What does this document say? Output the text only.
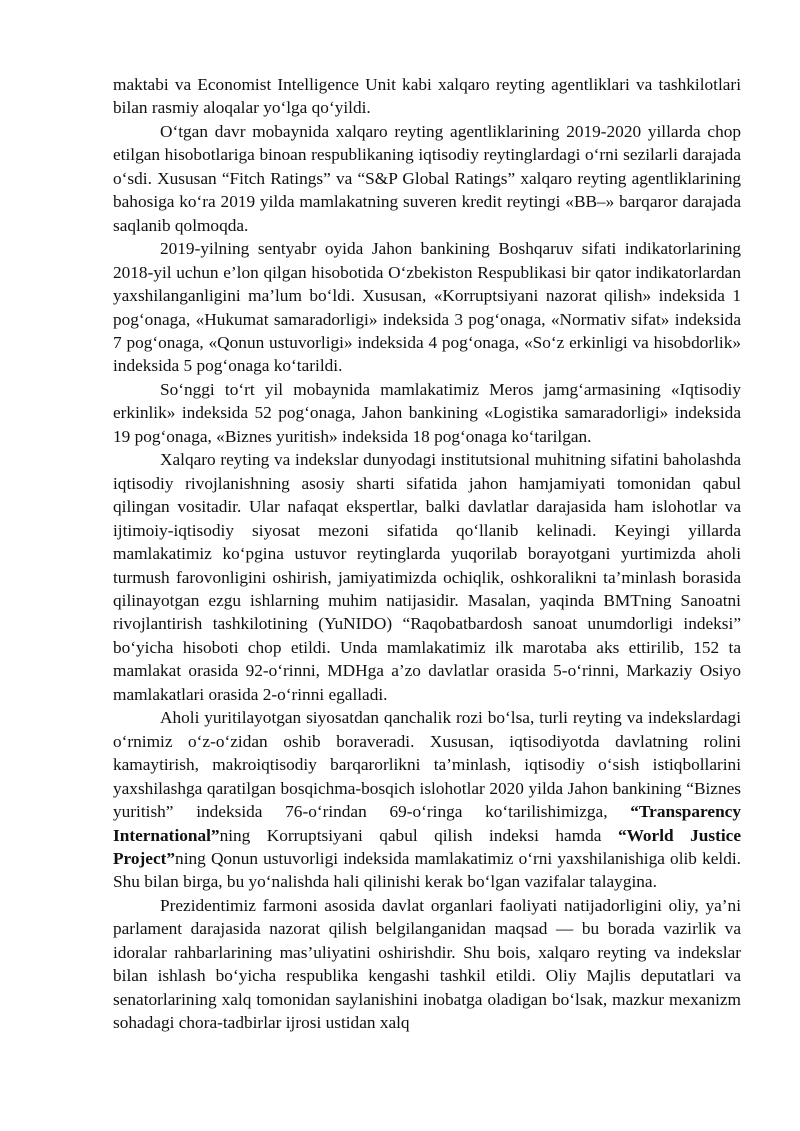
maktabi va Economist Intelligence Unit kabi xalqaro reyting agentliklari va tashkilotlari bilan rasmiy aloqalar yo‘lga qo‘yildi.

O‘tgan davr mobaynida xalqaro reyting agentliklarining 2019-2020 yillarda chop etilgan hisobotlariga binoan respublikaning iqtisodiy reytinglardagi o‘rni sezilarli darajada o‘sdi. Xususan “Fitch Ratings” va “S&P Global Ratings” xalqaro reyting agentliklarining bahosiga ko‘ra 2019 yilda mamlakatning suveren kredit reytingi «BB–» barqaror darajada saqlanib qolmoqda.

2019-yilning sentyabr oyida Jahon bankining Boshqaruv sifati indikatorlarining 2018-yil uchun e’lon qilgan hisobotida O‘zbekiston Respublikasi bir qator indikatorlardan yaxshilanganligini ma’lum bo‘ldi. Xususan, «Korruptsiyani nazorat qilish» indeksida 1 pog‘onaga, «Hukumat samaradorligi» indeksida 3 pog‘onaga, «Normativ sifat» indeksida 7 pog‘onaga, «Qonun ustuvorligi» indeksida 4 pog‘onaga, «So‘z erkinligi va hisobdorlik» indeksida 5 pog‘onaga ko‘tarildi.

So‘nggi to‘rt yil mobaynida mamlakatimiz Meros jamg‘armasining «Iqtisodiy erkinlik» indeksida 52 pog‘onaga, Jahon bankining «Logistika samaradorligi» indeksida 19 pog‘onaga, «Biznes yuritish» indeksida 18 pog‘onaga ko‘tarilgan.

Xalqaro reyting va indekslar dunyodagi institutsional muhitning sifatini baholashda iqtisodiy rivojlanishning asosiy sharti sifatida jahon hamjamiyati tomonidan qabul qilingan vositadir. Ular nafaqat ekspertlar, balki davlatlar darajasida ham islohotlar va ijtimoiy-iqtisodiy siyosat mezoni sifatida qo‘llanib kelinadi. Keyingi yillarda mamlakatimiz ko‘pgina ustuvor reytinglarda yuqorilab borayotgani yurtimizda aholi turmush farovonligini oshirish, jamiyatimizda ochiqlik, oshkoralikni ta’minlash borasida qilinayotgan ezgu ishlarning muhim natijasidir. Masalan, yaqinda BMTning Sanoatni rivojlantirish tashkilotining (YuNIDO) “Raqobatbardosh sanoat unumdorligi indeksi” bo‘yicha hisoboti chop etildi. Unda mamlakatimiz ilk marotaba aks ettirilib, 152 ta mamlakat orasida 92-o‘rinni, MDHga a’zo davlatlar orasida 5-o‘rinni, Markaziy Osiyo mamlakatlari orasida 2-o‘rinni egalladi.

Aholi yuritilayotgan siyosatdan qanchalik rozi bo‘lsa, turli reyting va indekslardagi o‘rnimiz o‘z-o‘zidan oshib boraveradi. Xususan, iqtisodiyotda davlatning rolini kamaytirish, makroiqtisodiy barqarorlikni ta’minlash, iqtisodiy o‘sish istiqbollarini yaxshilashga qaratilgan bosqichma-bosqich islohotlar 2020 yilda Jahon bankining “Biznes yuritish” indeksida 76-o‘rindan 69-o‘ringa ko‘tarilishimizga, “Transparency International”ning Korruptsiyani qabul qilish indeksi hamda “World Justice Project”ning Qonun ustuvorligi indeksida mamlakatimiz o‘rni yaxshilanishiga olib keldi. Shu bilan birga, bu yo‘nalishda hali qilinishi kerak bo‘lgan vazifalar talaygina.

Prezidentimiz farmoni asosida davlat organlari faoliyati natijadorligini oliy, ya’ni parlament darajasida nazorat qilish belgilanganidan maqsad — bu borada vazirlik va idoralar rahbarlarining mas’uliyatini oshirishdir. Shu bois, xalqaro reyting va indekslar bilan ishlash bo‘yicha respublika kengashi tashkil etildi. Oliy Majlis deputatlari va senatorlarining xalq tomonidan saylanishini inobatga oladigan bo‘lsak, mazkur mexanizm sohadagi chora-tadbirlar ijrosi ustidan xalq
